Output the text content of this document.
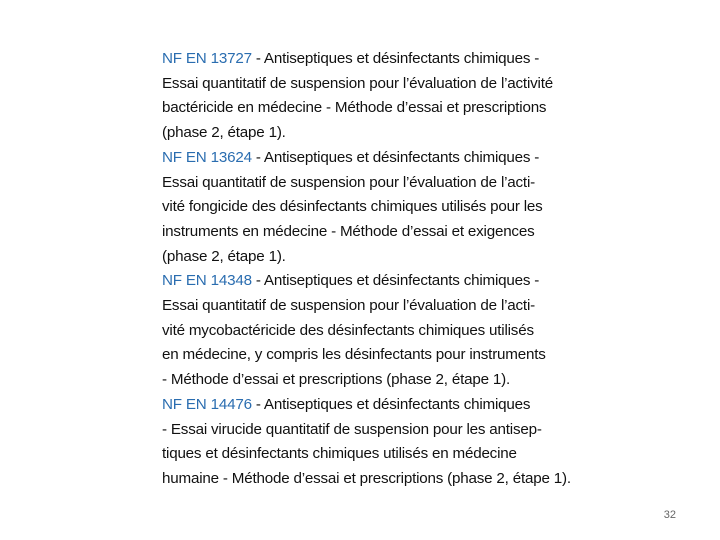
NF EN 13727 - Antiseptiques et désinfectants chimiques -
Essai quantitatif de suspension pour l’évaluation de l’activité
bactéricide en médecine - Méthode d’essai et prescriptions
(phase 2, étape 1).
NF EN 13624 - Antiseptiques et désinfectants chimiques -
Essai quantitatif de suspension pour l’évaluation de l’acti-
vité fongicide des désinfectants chimiques utilisés pour les
instruments en médecine - Méthode d’essai et exigences
(phase 2, étape 1).
NF EN 14348 - Antiseptiques et désinfectants chimiques -
Essai quantitatif de suspension pour l’évaluation de l’acti-
vité mycobactéricide des désinfectants chimiques utilisés
en médecine, y compris les désinfectants pour instruments
- Méthode d’essai et prescriptions (phase 2, étape 1).
NF EN 14476 - Antiseptiques et désinfectants chimiques
- Essai virucide quantitatif de suspension pour les antisep-
tiques et désinfectants chimiques utilisés en médecine
humaine - Méthode d’essai et prescriptions (phase 2, étape 1).
32
